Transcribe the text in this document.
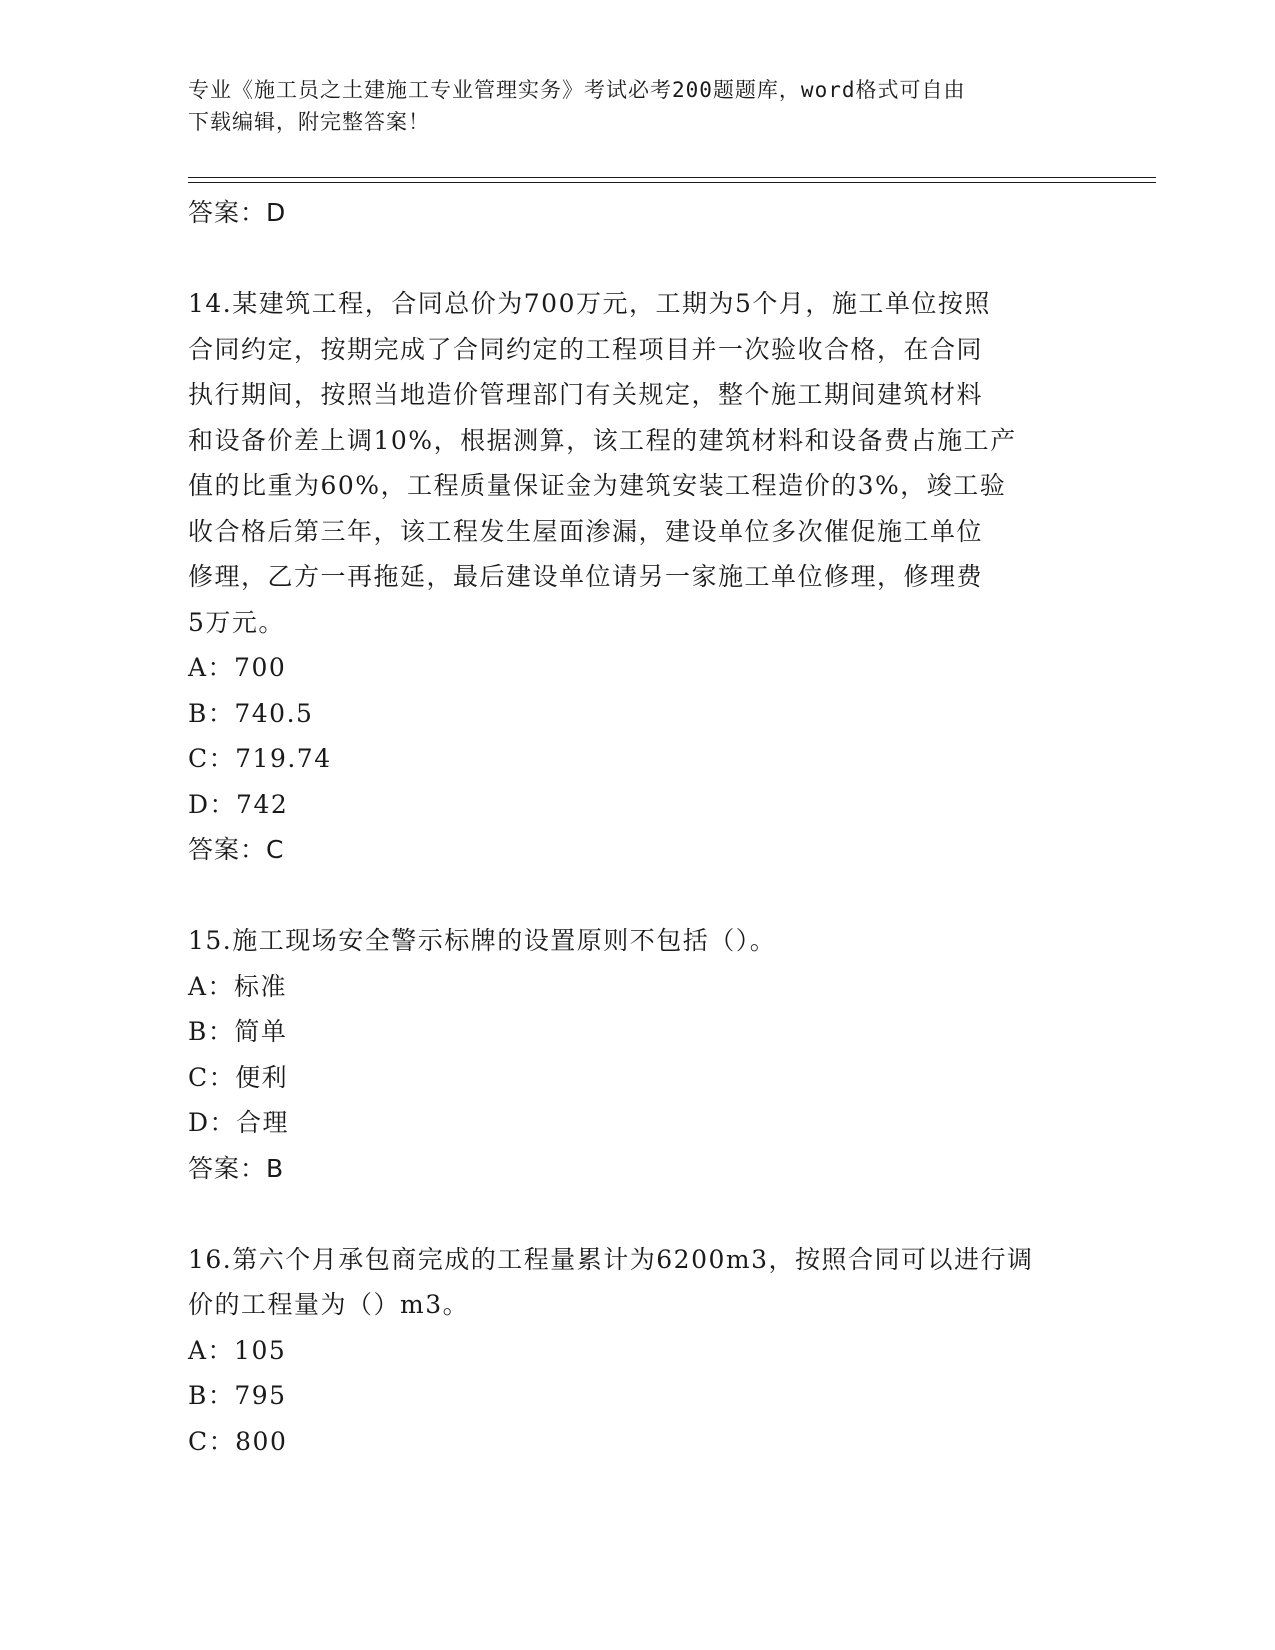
专业《施工员之土建施工专业管理实务》考试必考200题题库，word格式可自由
下载编辑，附完整答案！
答案：D
14.某建筑工程，合同总价为700万元，工期为5个月，施工单位按照
合同约定，按期完成了合同约定的工程项目并一次验收合格，在合同
执行期间，按照当地造价管理部门有关规定，整个施工期间建筑材料
和设备价差上调10%，根据测算，该工程的建筑材料和设备费占施工产
值的比重为60%，工程质量保证金为建筑安装工程造价的3%，竣工验
收合格后第三年，该工程发生屋面渗漏，建设单位多次催促施工单位
修理，乙方一再拖延，最后建设单位请另一家施工单位修理，修理费
5万元。
A：700
B：740.5
C：719.74
D：742
答案：C
15.施工现场安全警示标牌的设置原则不包括（）。
A：标准
B：简单
C：便利
D：合理
答案：B
16.第六个月承包商完成的工程量累计为6200m3，按照合同可以进行调
价的工程量为（）m3。
A：105
B：795
C：800
